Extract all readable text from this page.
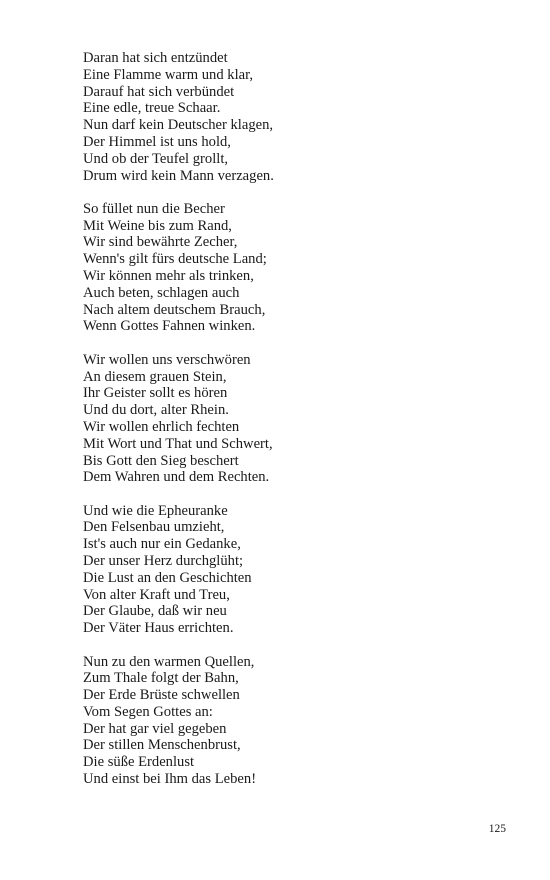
Daran hat sich entzündet
Eine Flamme warm und klar,
Darauf hat sich verbündet
Eine edle, treue Schaar.
Nun darf kein Deutscher klagen,
Der Himmel ist uns hold,
Und ob der Teufel grollt,
Drum wird kein Mann verzagen.
So füllet nun die Becher
Mit Weine bis zum Rand,
Wir sind bewährte Zecher,
Wenn's gilt fürs deutsche Land;
Wir können mehr als trinken,
Auch beten, schlagen auch
Nach altem deutschem Brauch,
Wenn Gottes Fahnen winken.
Wir wollen uns verschwören
An diesem grauen Stein,
Ihr Geister sollt es hören
Und du dort, alter Rhein.
Wir wollen ehrlich fechten
Mit Wort und That und Schwert,
Bis Gott den Sieg beschert
Dem Wahren und dem Rechten.
Und wie die Epheuranke
Den Felsenbau umzieht,
Ist's auch nur ein Gedanke,
Der unser Herz durchglüht;
Die Lust an den Geschichten
Von alter Kraft und Treu,
Der Glaube, daß wir neu
Der Väter Haus errichten.
Nun zu den warmen Quellen,
Zum Thale folgt der Bahn,
Der Erde Brüste schwellen
Vom Segen Gottes an:
Der hat gar viel gegeben
Der stillen Menschenbrust,
Die süße Erdenlust
Und einst bei Ihm das Leben!
125
